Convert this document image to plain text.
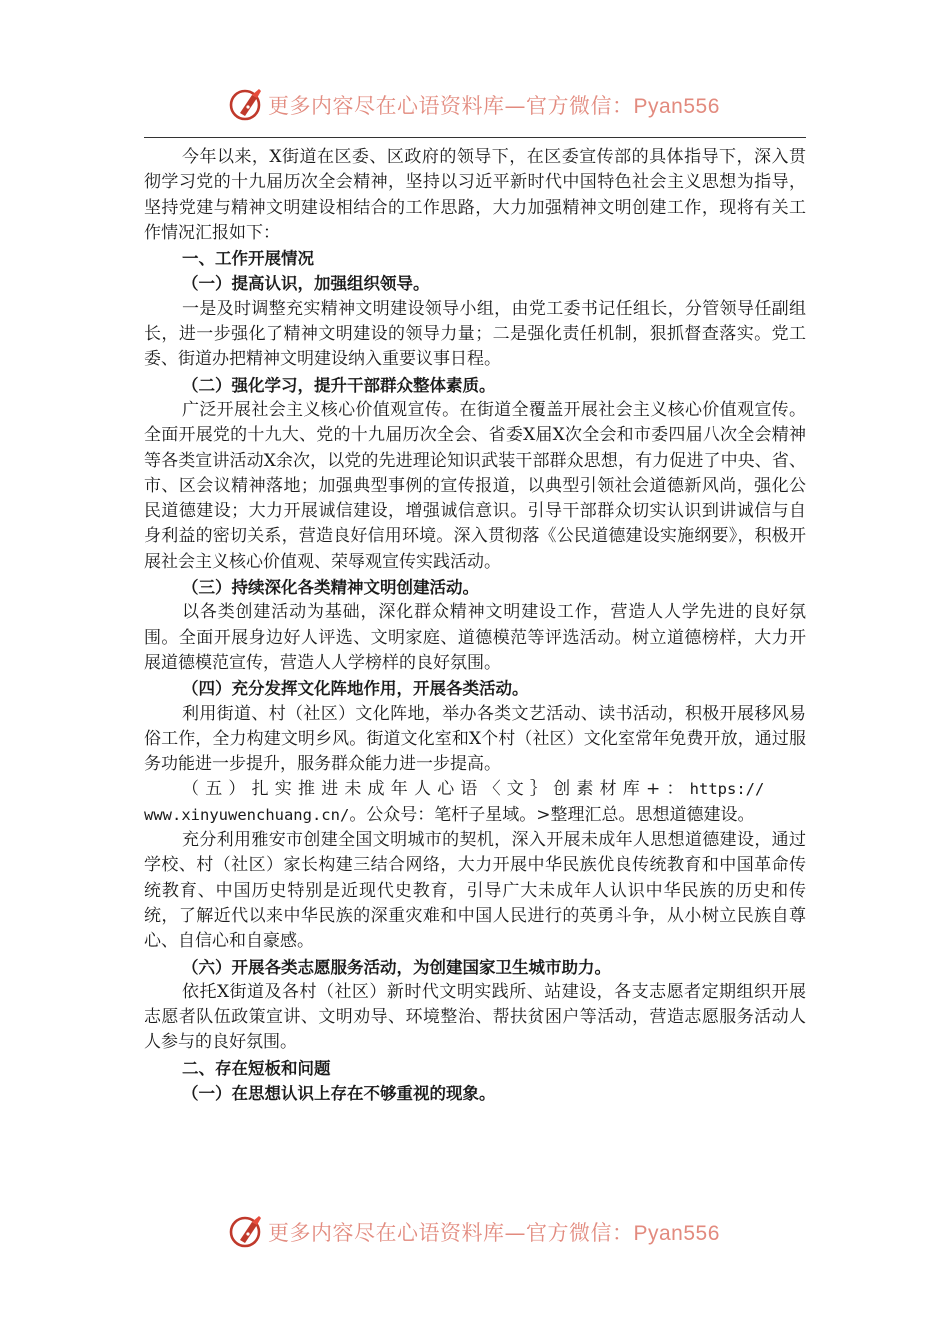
更多内容尽在心语资料库—官方微信：Pyan556

今年以来，X街道在区委、区政府的领导下，在区委宣传部的具体指导下，深入贯彻学习党的十九届历次全会精神，坚持以习近平新时代中国特色社会主义思想为指导，坚持党建与精神文明建设相结合的工作思路，大力加强精神文明创建工作，现将有关工作情况汇报如下：

一、工作开展情况

（一）提高认识，加强组织领导。

一是及时调整充实精神文明建设领导小组，由党工委书记任组长，分管领导任副组长，进一步强化了精神文明建设的领导力量；二是强化责任机制，狠抓督查落实。党工委、街道办把精神文明建设纳入重要议事日程。

（二）强化学习，提升干部群众整体素质。

广泛开展社会主义核心价值观宣传。在街道全覆盖开展社会主义核心价值观宣传。全面开展党的十九大、党的十九届历次全会、省委X届X次全会和市委四届八次全会精神等各类宣讲活动X余次，以党的先进理论知识武装干部群众思想，有力促进了中央、省、市、区会议精神落地；加强典型事例的宣传报道，以典型引领社会道德新风尚，强化公民道德建设；大力开展诚信建设，增强诚信意识。引导干部群众切实认识到讲诚信与自身利益的密切关系，营造良好信用环境。深入贯彻落《公民道德建设实施纲要》，积极开展社会主义核心价值观、荣辱观宣传实践活动。

（三）持续深化各类精神文明创建活动。

以各类创建活动为基础，深化群众精神文明建设工作，营造人人学先进的良好氛围。全面开展身边好人评选、文明家庭、道德模范等评选活动。树立道德榜样，大力开展道德模范宣传，营造人人学榜样的良好氛围。

（四）充分发挥文化阵地作用，开展各类活动。

利用街道、村（社区）文化阵地，举办各类文艺活动、读书活动，积极开展移风易俗工作，全力构建文明乡风。街道文化室和X个村（社区）文化室常年免费开放，通过服务功能进一步提升，服务群众能力进一步提高。

（五）扎实推进未成年人心语〈文｝创素材库+：https://

www.xinyuwenchuang.cn/。公众号：笔杆子星域。>整理汇总。思想道德建设。

充分利用雅安市创建全国文明城市的契机，深入开展未成年人思想道德建设，通过学校、村（社区）家长构建三结合网络，大力开展中华民族优良传统教育和中国革命传统教育、中国历史特别是近现代史教育，引导广大未成年人认识中华民族的历史和传统，了解近代以来中华民族的深重灾难和中国人民进行的英勇斗争，从小树立民族自尊心、自信心和自豪感。

（六）开展各类志愿服务活动，为创建国家卫生城市助力。

依托X街道及各村（社区）新时代文明实践所、站建设，各支志愿者定期组织开展志愿者队伍政策宣讲、文明劝导、环境整治、帮扶贫困户等活动，营造志愿服务活动人人参与的良好氛围。

二、存在短板和问题

（一）在思想认识上存在不够重视的现象。

更多内容尽在心语资料库—官方微信：Pyan556
